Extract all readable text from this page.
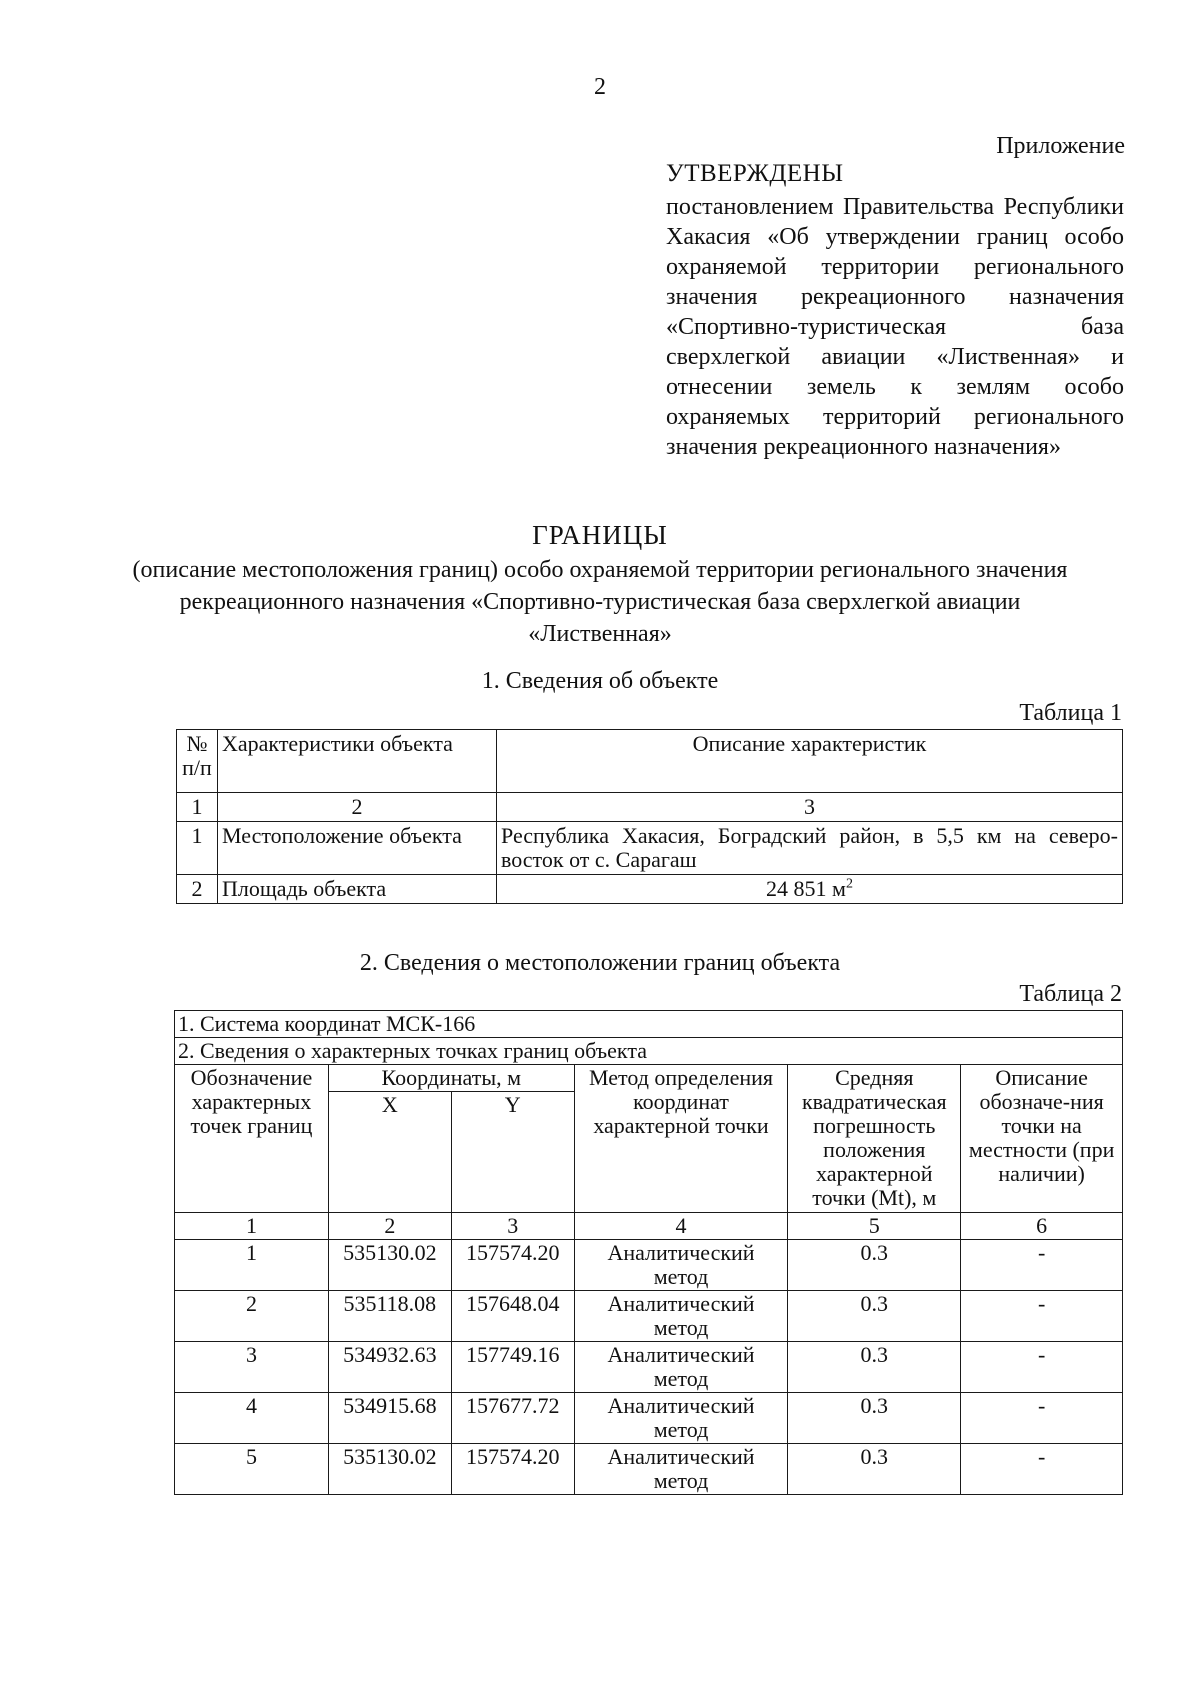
2
Приложение
УТВЕРЖДЕНЫ
постановлением Правительства Республики Хакасия «Об утверждении границ особо охраняемой территории регионального значения рекреационного назначения «Спортивно-туристическая база сверхлегкой авиации «Лиственная» и отнесении земель к землям особо охраняемых территорий регионального значения рекреационного назначения»
ГРАНИЦЫ
(описание местоположения границ) особо охраняемой территории регионального значения рекреационного назначения «Спортивно-туристическая база сверхлегкой авиации «Лиственная»
1. Сведения об объекте
Таблица 1
№ п/п	Характеристики объекта	Описание характеристик
1	2	3
1	Местоположение объекта	Республика Хакасия, Боградский район, в 5,5 км на северо-восток от с. Сарагаш
2	Площадь объекта	24 851 $м^2$
2. Сведения о местоположении границ объекта
Таблица 2
1. Система координат МСК-166					
2. Сведения о характерных точках границ объекта					
Обозначение характерных точек границ	Координаты, м		Метод определения координат характерной точки	Средняя квадратическая погрешность положения характерной точки (Mt), м	Описание обозначе-ния точки на местности (при наличии)
	X	Y			
1	2	3	4	5	6
1	535130.02	157574.20	Аналитический метод	0.3	-
2	535118.08	157648.04	Аналитический метод	0.3	-
3	534932.63	157749.16	Аналитический метод	0.3	-
4	534915.68	157677.72	Аналитический метод	0.3	-
5	535130.02	157574.20	Аналитический метод	0.3	-
